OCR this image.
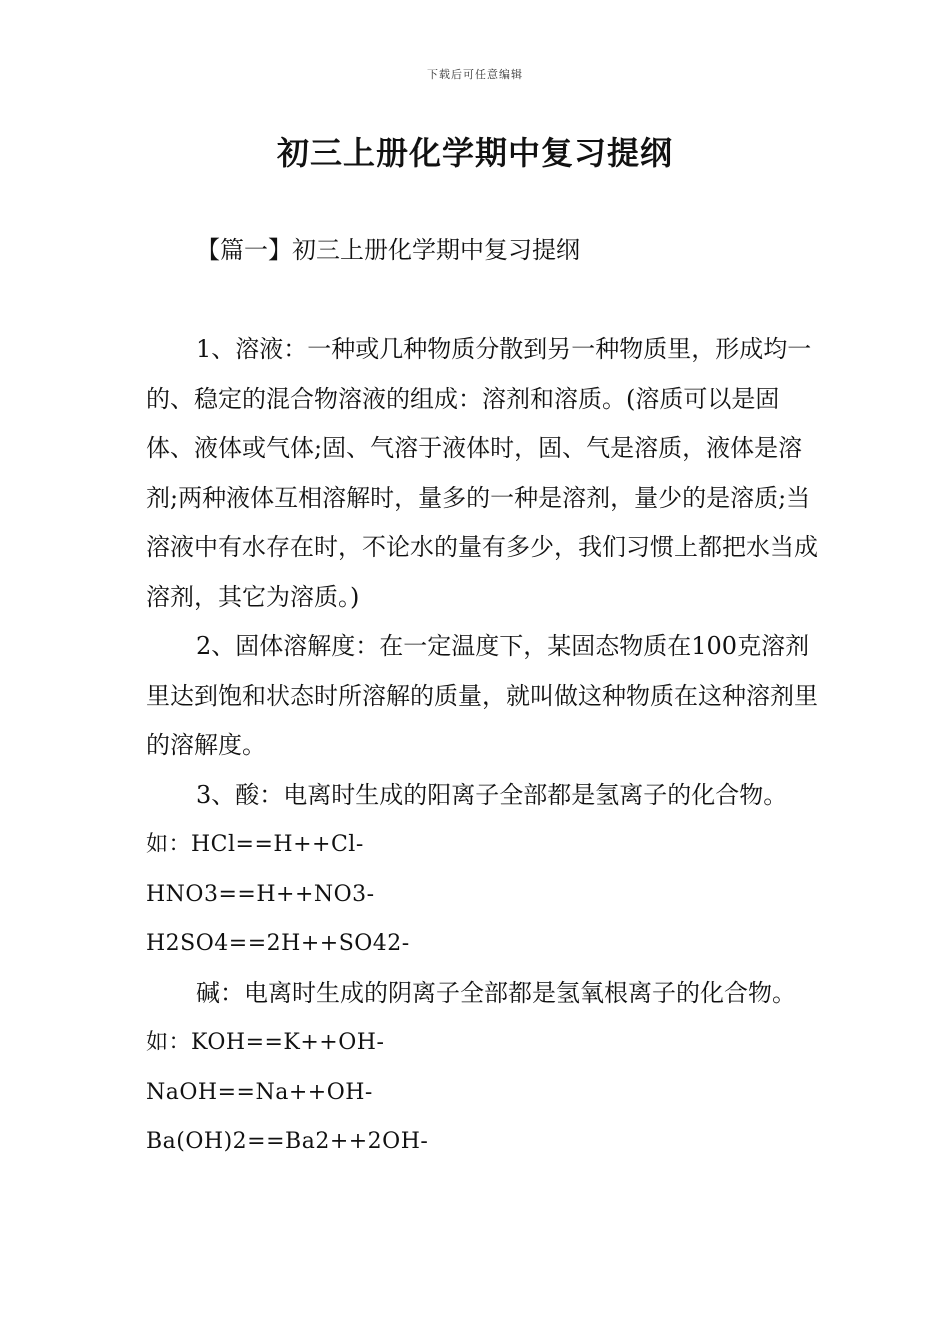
下载后可任意编辑
初三上册化学期中复习提纲
【篇一】初三上册化学期中复习提纲

1、溶液：一种或几种物质分散到另一种物质里，形成均一的、稳定的混合物溶液的组成：溶剂和溶质。(溶质可以是固体、液体或气体;固、气溶于液体时，固、气是溶质，液体是溶剂;两种液体互相溶解时，量多的一种是溶剂，量少的是溶质;当溶液中有水存在时，不论水的量有多少，我们习惯上都把水当成溶剂，其它为溶质。)

2、固体溶解度：在一定温度下，某固态物质在100克溶剂里达到饱和状态时所溶解的质量，就叫做这种物质在这种溶剂里的溶解度。

3、酸：电离时生成的阳离子全部都是氢离子的化合物。

如：HCl==H++Cl-

HNO3==H++NO3-

H2SO4==2H++SO42-

碱：电离时生成的阴离子全部都是氢氧根离子的化合物。

如：KOH==K++OH-

NaOH==Na++OH-

Ba(OH)2==Ba2++2OH-
